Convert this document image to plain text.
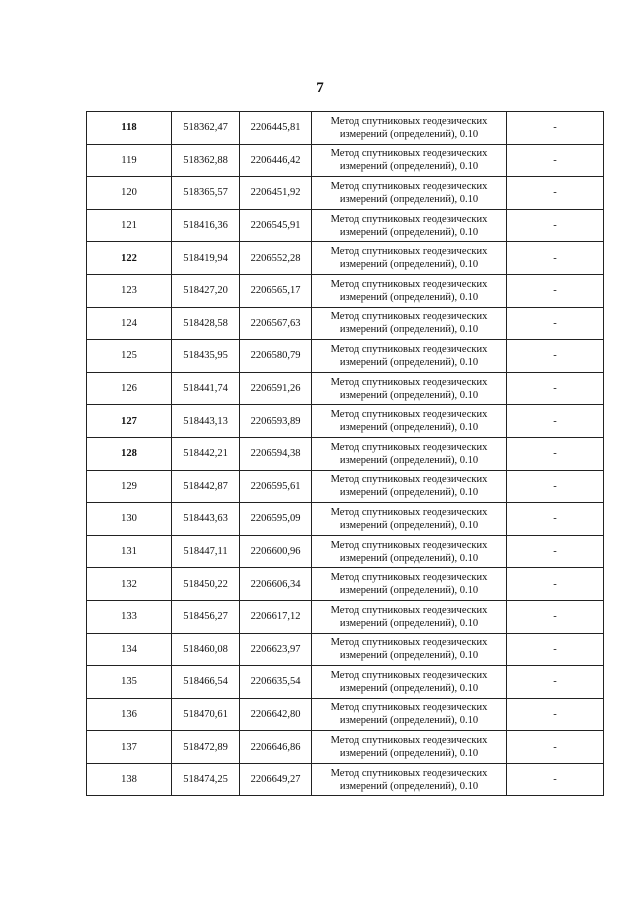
7
118	518362,47	2206445,81	Метод спутниковых геодезических
измерений (определений), 0.10	-
119	518362,88	2206446,42	Метод спутниковых геодезических
измерений (определений), 0.10	-
120	518365,57	2206451,92	Метод спутниковых геодезических
измерений (определений), 0.10	-
121	518416,36	2206545,91	Метод спутниковых геодезических
измерений (определений), 0.10	-
122	518419,94	2206552,28	Метод спутниковых геодезических
измерений (определений), 0.10	-
123	518427,20	2206565,17	Метод спутниковых геодезических
измерений (определений), 0.10	-
124	518428,58	2206567,63	Метод спутниковых геодезических
измерений (определений), 0.10	-
125	518435,95	2206580,79	Метод спутниковых геодезических
измерений (определений), 0.10	-
126	518441,74	2206591,26	Метод спутниковых геодезических
измерений (определений), 0.10	-
127	518443,13	2206593,89	Метод спутниковых геодезических
измерений (определений), 0.10	-
128	518442,21	2206594,38	Метод спутниковых геодезических
измерений (определений), 0.10	-
129	518442,87	2206595,61	Метод спутниковых геодезических
измерений (определений), 0.10	-
130	518443,63	2206595,09	Метод спутниковых геодезических
измерений (определений), 0.10	-
131	518447,11	2206600,96	Метод спутниковых геодезических
измерений (определений), 0.10	-
132	518450,22	2206606,34	Метод спутниковых геодезических
измерений (определений), 0.10	-
133	518456,27	2206617,12	Метод спутниковых геодезических
измерений (определений), 0.10	-
134	518460,08	2206623,97	Метод спутниковых геодезических
измерений (определений), 0.10	-
135	518466,54	2206635,54	Метод спутниковых геодезических
измерений (определений), 0.10	-
136	518470,61	2206642,80	Метод спутниковых геодезических
измерений (определений), 0.10	-
137	518472,89	2206646,86	Метод спутниковых геодезических
измерений (определений), 0.10	-
138	518474,25	2206649,27	Метод спутниковых геодезических
измерений (определений), 0.10	-
